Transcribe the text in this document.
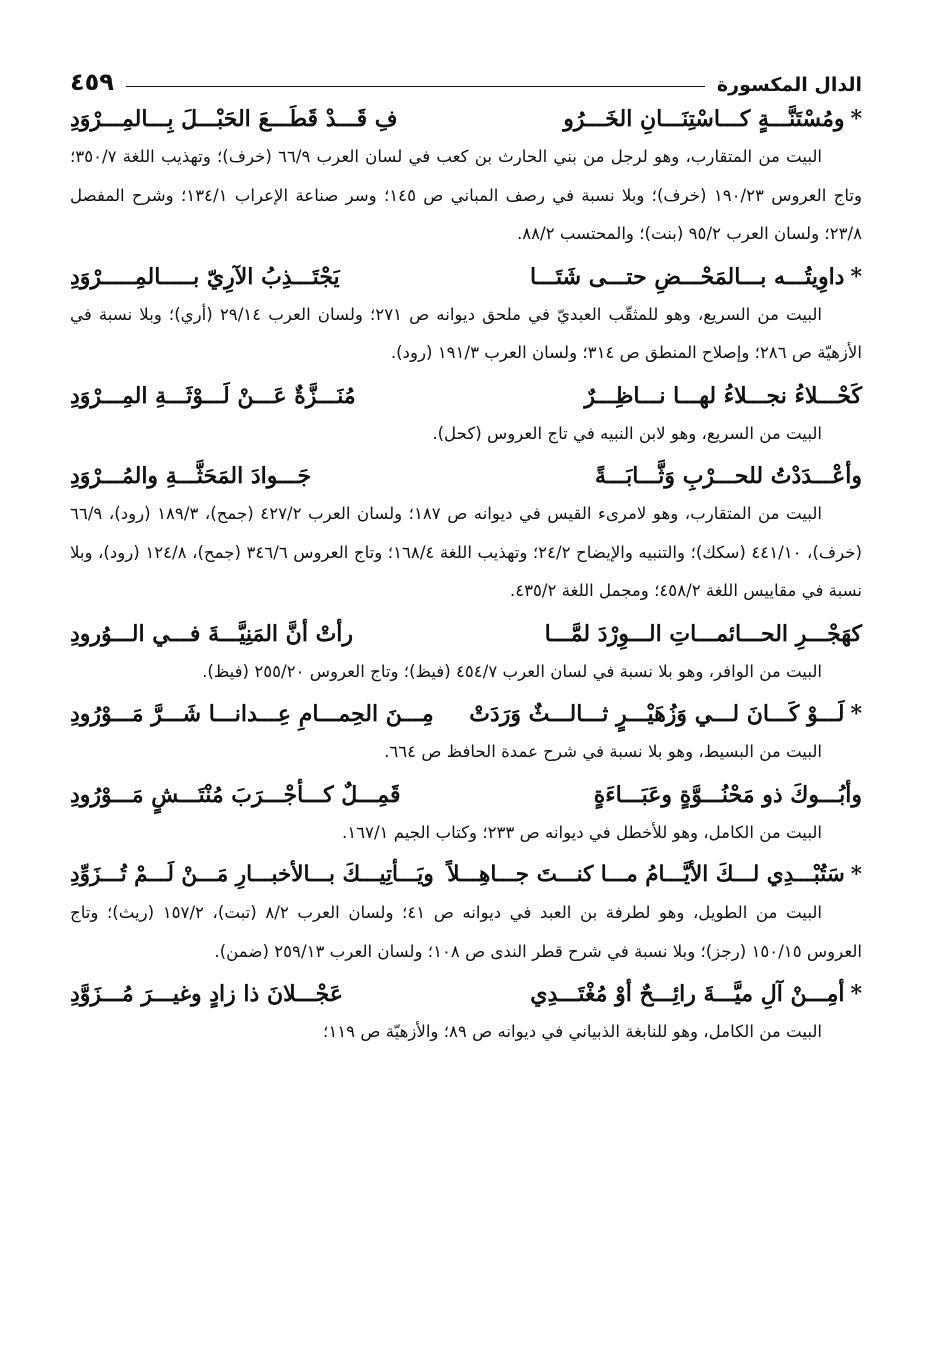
الدال المكسورة
٤٥٩
*ومُسْتَنَّـــةٍ كـــاسْتِنَـــانِ الخَـــرُو
فِ قَـــدْ قَطَـــعَ الحَبْـــلَ بِـــالمِـــرْوَدِ

البيت من المتقارب، وهو لرجل من بني الحارث بن كعب في لسان العرب ٦٦/٩ (خرف)؛ وتهذيب اللغة ٣٥٠/٧؛ وتاج العروس ١٩٠/٢٣ (خرف)؛ وبلا نسبة في رصف المباني ص ١٤٥؛ وسر صناعة الإعراب ١٣٤/١؛ وشرح المفصل ٢٣/٨؛ ولسان العرب ٩٥/٢ (بنت)؛ والمحتسب ٨٨/٢.

*داوِيتُـــه بـــالمَحْـــضِ حتـــى شَتَـــا
يَجْتَـــذِبُ الآرِيّ بـــــالمِـــــرْوَدِ

البيت من السريع، وهو للمثقّب العبديّ في ملحق ديوانه ص ٢٧١؛ ولسان العرب ٢٩/١٤ (أري)؛ وبلا نسبة في الأزهيّة ص ٢٨٦؛ وإصلاح المنطق ص ٣١٤؛ ولسان العرب ١٩١/٣ (رود).

كَحْـــلاءُ نجـــلاءُ لهـــا نـــاظِـــرٌ
مُنَـــزَّةٌ عَـــنْ لَـــوْثَـــةِ المِـــرْوَدِ

البيت من السريع، وهو لابن النبيه في تاج العروس (كحل).

وأعْـــدَدْتُ للحـــرْبِ وَثَّـــابَـــةً
جَـــوادَ المَحَثَّـــةِ والمُـــرْوَدِ

البيت من المتقارب، وهو لامرىء القيس في ديوانه ص ١٨٧؛ ولسان العرب ٤٢٧/٢ (جمح)، ١٨٩/٣ (رود)، ٦٦/٩ (خرف)، ٤٤١/١٠ (سكك)؛ والتنبيه والإيضاح ٢٤/٢؛ وتهذيب اللغة ١٦٨/٤؛ وتاج العروس ٣٤٦/٦ (جمح)، ١٢٤/٨ (رود)، وبلا نسبة في مقاييس اللغة ٤٥٨/٢؛ ومجمل اللغة ٤٣٥/٢.

كهَجْـــرِ الحـــائمـــاتِ الـــوِرْدَ لمَّـــا
رأتْ أنَّ المَنِيَّـــةَ فـــي الـــوُرودِ

البيت من الوافر، وهو بلا نسبة في لسان العرب ٤٥٤/٧ (فيظ)؛ وتاج العروس ٢٥٥/٢٠ (فيظ).

*لَـــوْ كَـــانَ لـــي وَزُهَيْـــرٍ ثـــالـــثٌ وَرَدَتْ
مِـــنَ الحِمـــامِ عِـــدانـــا شَـــرَّ مَـــوْرُودِ

البيت من البسيط، وهو بلا نسبة في شرح عمدة الحافظ ص ٦٦٤.

وأبُـــوكَ ذو مَحْنُـــوَّةٍ وعَبَـــاءَةٍ
قَمِـــلٌ كـــأجْـــرَبَ مُنْتَـــشٍ مَـــوْرُودِ

البيت من الكامل، وهو للأخطل في ديوانه ص ٢٣٣؛ وكتاب الجيم ١٦٧/١.

*سَتُبْـــدِي لـــكَ الأيَّـــامُ مـــا كنـــتَ جـــاهِـــلاً
ويَـــأتِيـــكَ بـــالأخبـــارِ مَـــنْ لَـــمْ تُـــزَوِّدِ

البيت من الطويل، وهو لطرفة بن العبد في ديوانه ص ٤١؛ ولسان العرب ٨/٢ (تبت)، ١٥٧/٢ (ريث)؛ وتاج العروس ١٥٠/١٥ (رجز)؛ وبلا نسبة في شرح قطر الندى ص ١٠٨؛ ولسان العرب ٢٥٩/١٣ (ضمن).

*أمِـــنْ آلِ ميَّـــةَ رائِـــحٌ أوْ مُغْتَـــدِي
عَجْـــلانَ ذا زادٍ وغيـــرَ مُـــزَوَّدِ

البيت من الكامل، وهو للنابغة الذبياني في ديوانه ص ٨٩؛ والأزهيّة ص ١١٩؛
